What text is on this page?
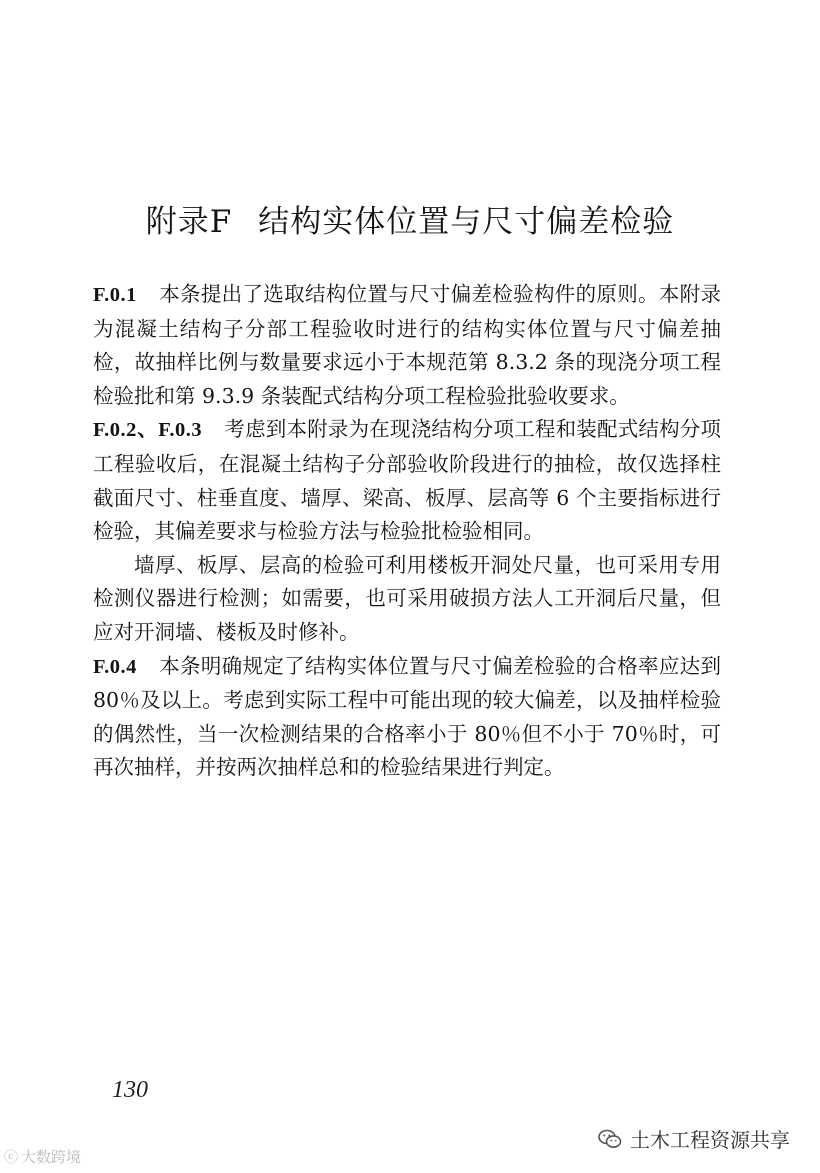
附录F 结构实体位置与尺寸偏差检验

F.0.1 本条提出了选取结构位置与尺寸偏差检验构件的原则。本附录为混凝土结构子分部工程验收时进行的结构实体位置与尺寸偏差抽检，故抽样比例与数量要求远小于本规范第 8.3.2 条的现浇分项工程检验批和第 9.3.9 条装配式结构分项工程检验批验收要求。

F.0.2、F.0.3 考虑到本附录为在现浇结构分项工程和装配式结构分项工程验收后，在混凝土结构子分部验收阶段进行的抽检，故仅选择柱截面尺寸、柱垂直度、墙厚、梁高、板厚、层高等 6 个主要指标进行检验，其偏差要求与检验方法与检验批检验相同。

墙厚、板厚、层高的检验可利用楼板开洞处尺量，也可采用专用检测仪器进行检测；如需要，也可采用破损方法人工开洞后尺量，但应对开洞墙、楼板及时修补。

F.0.4 本条明确规定了结构实体位置与尺寸偏差检验的合格率应达到 80％及以上。考虑到实际工程中可能出现的较大偏差，以及抽样检验的偶然性，当一次检测结果的合格率小于 80％但不小于 70％时，可再次抽样，并按两次抽样总和的检验结果进行判定。

130
ⓒ 大数跨境
土木工程资源共享
